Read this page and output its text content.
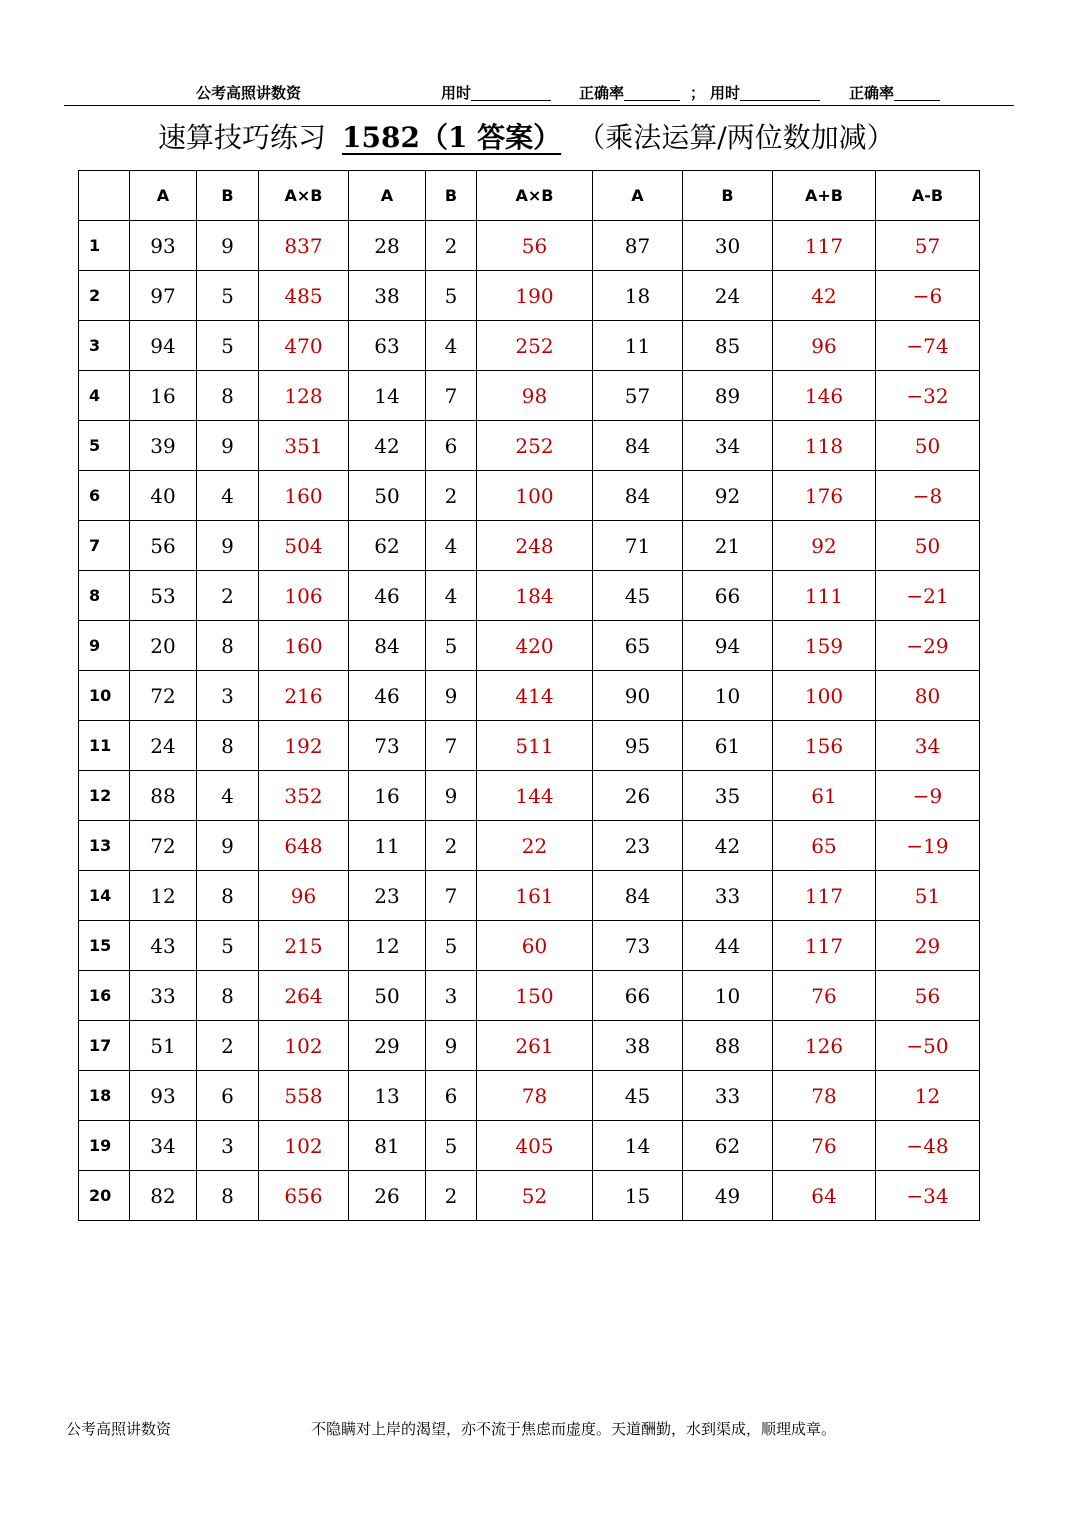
公考高照讲数资	用时	正确率	； 用时	正确率
速算技巧练习 1582（1 答案） （乘法运算/两位数加减）
	A	B	A×B	A	B	A×B	A	B	A+B	A-B
1	93	9	837	28	2	56	87	30	117	57
2	97	5	485	38	5	190	18	24	42	−6
3	94	5	470	63	4	252	11	85	96	−74
4	16	8	128	14	7	98	57	89	146	−32
5	39	9	351	42	6	252	84	34	118	50
6	40	4	160	50	2	100	84	92	176	−8
7	56	9	504	62	4	248	71	21	92	50
8	53	2	106	46	4	184	45	66	111	−21
9	20	8	160	84	5	420	65	94	159	−29
10	72	3	216	46	9	414	90	10	100	80
11	24	8	192	73	7	511	95	61	156	34
12	88	4	352	16	9	144	26	35	61	−9
13	72	9	648	11	2	22	23	42	65	−19
14	12	8	96	23	7	161	84	33	117	51
15	43	5	215	12	5	60	73	44	117	29
16	33	8	264	50	3	150	66	10	76	56
17	51	2	102	29	9	261	38	88	126	−50
18	93	6	558	13	6	78	45	33	78	12
19	34	3	102	81	5	405	14	62	76	−48
20	82	8	656	26	2	52	15	49	64	−34
公考高照讲数资	不隐瞒对上岸的渴望，亦不流于焦虑而虚度。天道酬勤，水到渠成，顺理成章。
